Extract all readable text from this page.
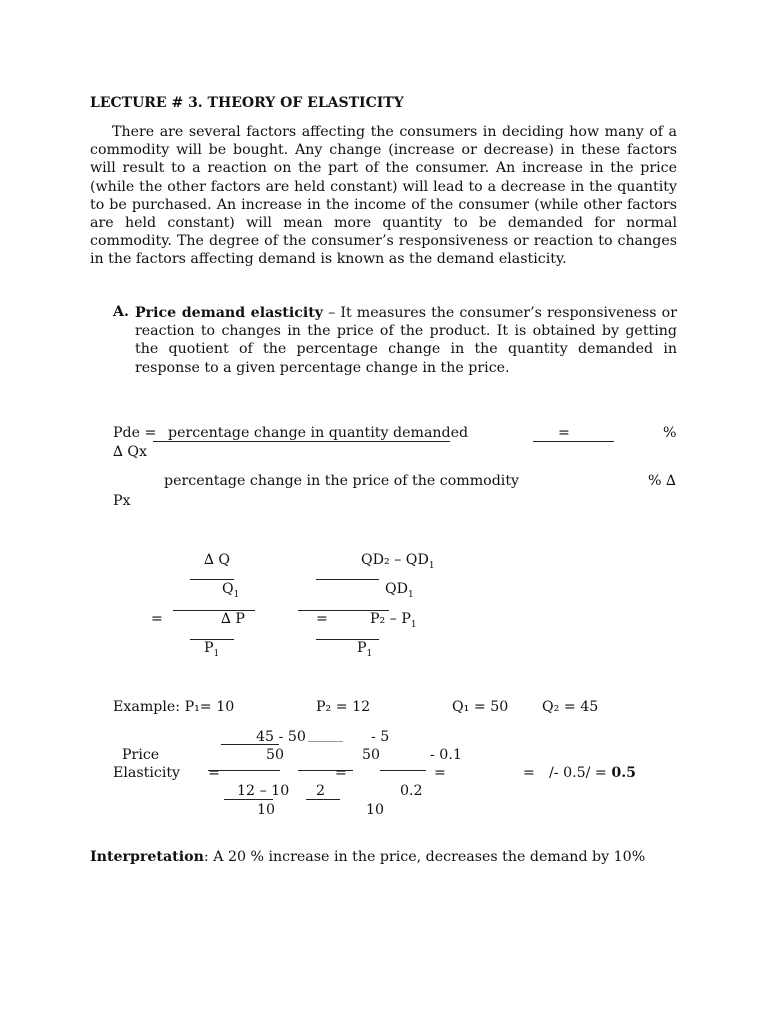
LECTURE # 3. THEORY OF ELASTICITY
There are several factors affecting the consumers in deciding how many of a commodity will be bought. Any change (increase or decrease) in these factors will result to a reaction on the part of the consumer. An increase in the price (while the other factors are held constant) will lead to a decrease in the quantity to be purchased. An increase in the income of the consumer (while other factors are held constant) will mean more quantity to be demanded for normal commodity. The degree of the consumer’s responsiveness or reaction to changes in the factors affecting demand is known as the demand elasticity.
A. Price demand elasticity – It measures the consumer’s responsiveness or reaction to changes in the price of the product. It is obtained by getting the quotient of the percentage change in the quantity demanded in response to a given percentage change in the price.
Pde = percentage change in quantity demanded	=	%
∆ Qx
percentage change in the price of the commodity	% ∆
Px
∆ Q
$Q_1$
=	∆ P
$P_1$
$QD_2 - QD_1$
$QD_1$
=	$P_2 - P_1$
$P_1$
Example: P₁= 10	P₂ = 12	Q₁ = 50 Q₂ = 45
45 - 50	- 5
Price	50	50	- 0.1
Elasticity =	=	=	= /- 0.5/ = 0.5
12 – 10 2	0.2
10	10
Interpretation: A 20 % increase in the price, decreases the demand by 10%
